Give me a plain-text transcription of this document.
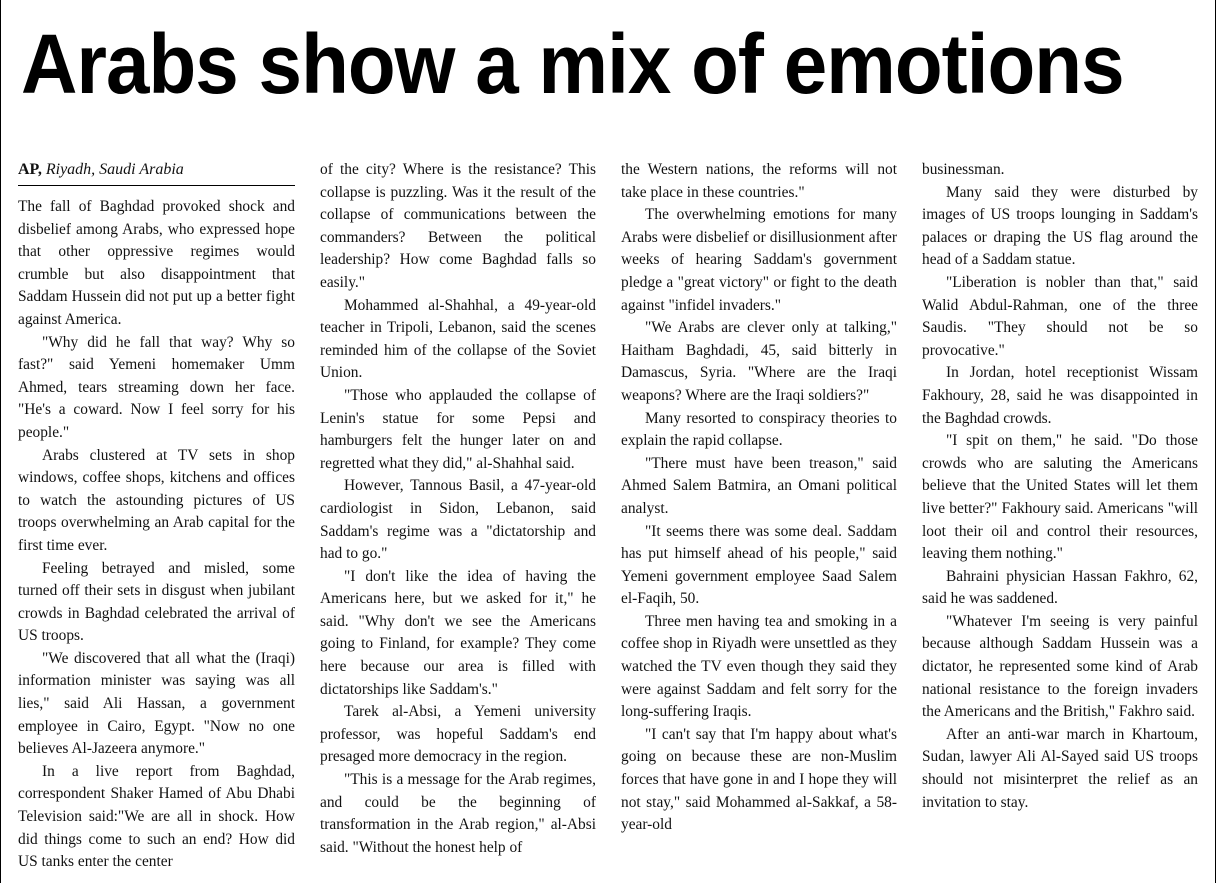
Arabs show a mix of emotions
AP, Riyadh, Saudi Arabia

The fall of Baghdad provoked shock and disbelief among Arabs, who expressed hope that other oppressive regimes would crumble but also disappointment that Saddam Hussein did not put up a better fight against America.

"Why did he fall that way? Why so fast?" said Yemeni homemaker Umm Ahmed, tears streaming down her face. "He's a coward. Now I feel sorry for his people."

Arabs clustered at TV sets in shop windows, coffee shops, kitchens and offices to watch the astounding pictures of US troops overwhelming an Arab capital for the first time ever.

Feeling betrayed and misled, some turned off their sets in disgust when jubilant crowds in Baghdad celebrated the arrival of US troops.

"We discovered that all what the (Iraqi) information minister was saying was all lies," said Ali Hassan, a government employee in Cairo, Egypt. "Now no one believes Al-Jazeera anymore."

In a live report from Baghdad, correspondent Shaker Hamed of Abu Dhabi Television said:"We are all in shock. How did things come to such an end? How did US tanks enter the center

of the city? Where is the resistance? This collapse is puzzling. Was it the result of the collapse of communications between the commanders? Between the political leadership? How come Baghdad falls so easily."

Mohammed al-Shahhal, a 49-year-old teacher in Tripoli, Lebanon, said the scenes reminded him of the collapse of the Soviet Union.

"Those who applauded the collapse of Lenin's statue for some Pepsi and hamburgers felt the hunger later on and regretted what they did," al-Shahhal said.

However, Tannous Basil, a 47-year-old cardiologist in Sidon, Lebanon, said Saddam's regime was a "dictatorship and had to go."

"I don't like the idea of having the Americans here, but we asked for it," he said. "Why don't we see the Americans going to Finland, for example? They come here because our area is filled with dictatorships like Saddam's."

Tarek al-Absi, a Yemeni university professor, was hopeful Saddam's end presaged more democracy in the region.

"This is a message for the Arab regimes, and could be the beginning of transformation in the Arab region," al-Absi said. "Without the honest help of

the Western nations, the reforms will not take place in these countries."

The overwhelming emotions for many Arabs were disbelief or disillusionment after weeks of hearing Saddam's government pledge a "great victory" or fight to the death against "infidel invaders."

"We Arabs are clever only at talking," Haitham Baghdadi, 45, said bitterly in Damascus, Syria. "Where are the Iraqi weapons? Where are the Iraqi soldiers?"

Many resorted to conspiracy theories to explain the rapid collapse.

"There must have been treason," said Ahmed Salem Batmira, an Omani political analyst.

"It seems there was some deal. Saddam has put himself ahead of his people," said Yemeni government employee Saad Salem el-Faqih, 50.

Three men having tea and smoking in a coffee shop in Riyadh were unsettled as they watched the TV even though they said they were against Saddam and felt sorry for the long-suffering Iraqis.

"I can't say that I'm happy about what's going on because these are non-Muslim forces that have gone in and I hope they will not stay," said Mohammed al-Sakkaf, a 58-year-old

businessman.

Many said they were disturbed by images of US troops lounging in Saddam's palaces or draping the US flag around the head of a Saddam statue.

"Liberation is nobler than that," said Walid Abdul-Rahman, one of the three Saudis. "They should not be so provocative."

In Jordan, hotel receptionist Wissam Fakhoury, 28, said he was disappointed in the Baghdad crowds.

"I spit on them," he said. "Do those crowds who are saluting the Americans believe that the United States will let them live better?" Fakhoury said. Americans "will loot their oil and control their resources, leaving them nothing."

Bahraini physician Hassan Fakhro, 62, said he was saddened.

"Whatever I'm seeing is very painful because although Saddam Hussein was a dictator, he represented some kind of Arab national resistance to the foreign invaders the Americans and the British," Fakhro said.

After an anti-war march in Khartoum, Sudan, lawyer Ali Al-Sayed said US troops should not misinterpret the relief as an invitation to stay.
